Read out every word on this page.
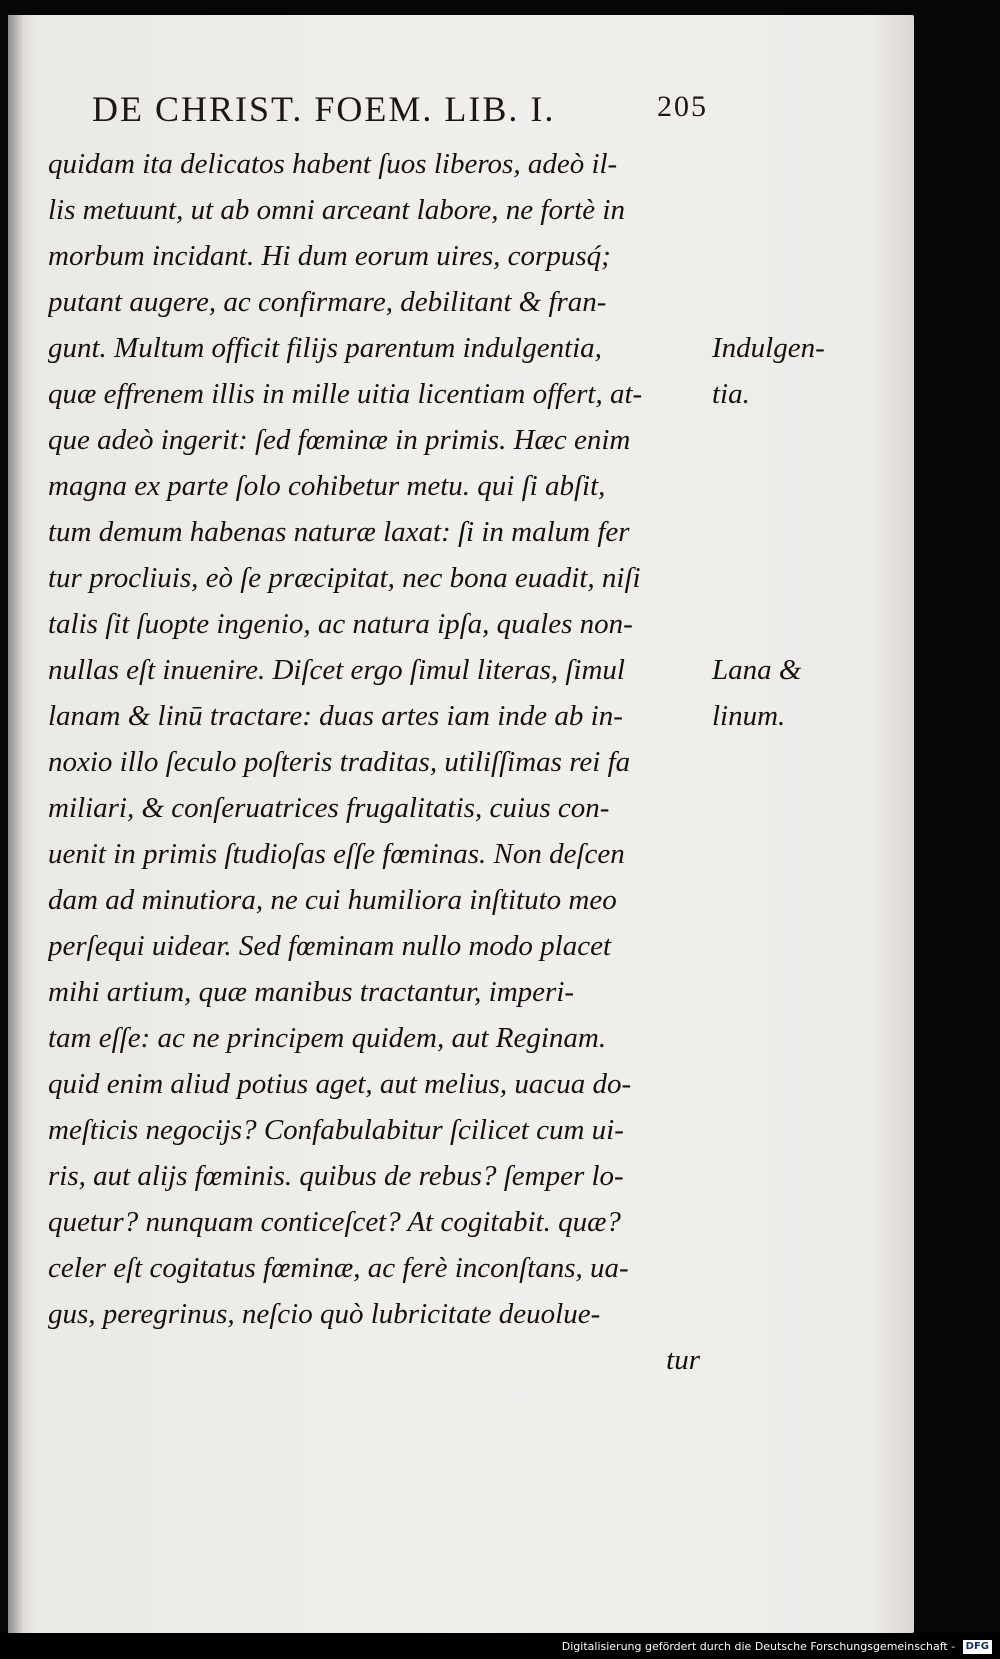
DE CHRIST. FOEM. LIB. I.	205
quidam ita delicatos habent ſuos liberos, adeò il-
lis metuunt, ut ab omni arceant labore, ne fortè in
morbum incidant. Hi dum eorum uires, corpusq́;
putant augere, ac confirmare, debilitant & fran-
gunt. Multum officit filijs parentum indulgentia,
quæ effrenem illis in mille uitia licentiam offert, at-
que adeò ingerit: ſed fœminæ in primis. Hæc enim
magna ex parte ſolo cohibetur metu. qui ſi abſit,
tum demum habenas naturæ laxat: ſi in malum fer
tur procliuis, eò ſe præcipitat, nec bona euadit, niſi
talis ſit ſuopte ingenio, ac natura ipſa, quales non-
nullas eſt inuenire. Diſcet ergo ſimul literas, ſimul
lanam & linū tractare: duas artes iam inde ab in-
noxio illo ſeculo poſteris traditas, utiliſſimas rei fa
miliari, & conſeruatrices frugalitatis, cuius con-
uenit in primis ſtudioſas eſſe fœminas. Non deſcen
dam ad minutiora, ne cui humiliora inſtituto meo
perſequi uidear. Sed fœminam nullo modo placet
mihi artium, quæ manibus tractantur, imperi-
tam eſſe: ac ne principem quidem, aut Reginam.
quid enim aliud potius aget, aut melius, uacua do-
meſticis negocijs? Confabulabitur ſcilicet cum ui-
ris, aut alijs fœminis. quibus de rebus? ſemper lo-
quetur? nunquam conticeſcet? At cogitabit. quæ?
celer eſt cogitatus fœminæ, ac ferè inconſtans, ua-
gus, peregrinus, neſcio quò lubricitate deuolue-
tur
Indulgen-
tia.
Lana &
linum.
Digitalisierung gefördert durch die Deutsche Forschungsgemeinschaft - DFG
